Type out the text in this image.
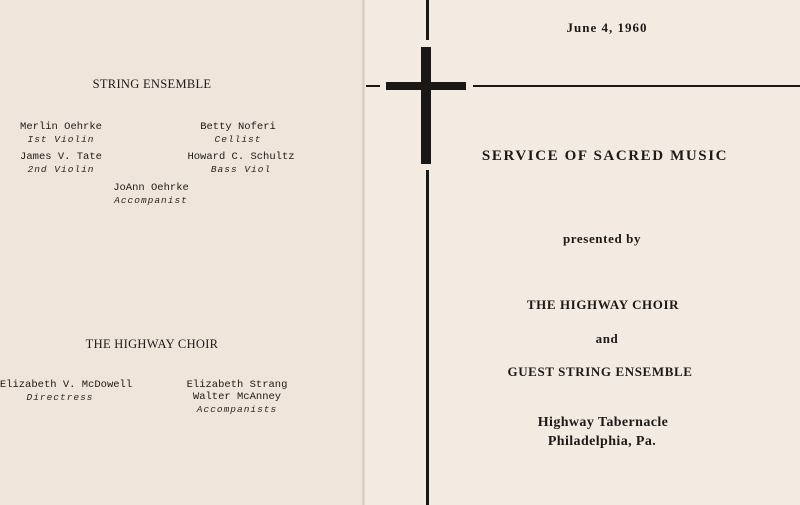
STRING ENSEMBLE
Merlin Oehrke
Ist Violin
Betty Noferi
Cellist
James V. Tate
2nd Violin
Howard C. Schultz
Bass Viol
JoAnn Oehrke
Accompanist
THE HIGHWAY CHOIR
Elizabeth V. McDowell
Directress
Elizabeth Strang
Walter McAnney
Accompanists
June 4, 1960
SERVICE OF SACRED MUSIC
presented by
THE HIGHWAY CHOIR
and
GUEST STRING ENSEMBLE
Highway Tabernacle
Philadelphia, Pa.
